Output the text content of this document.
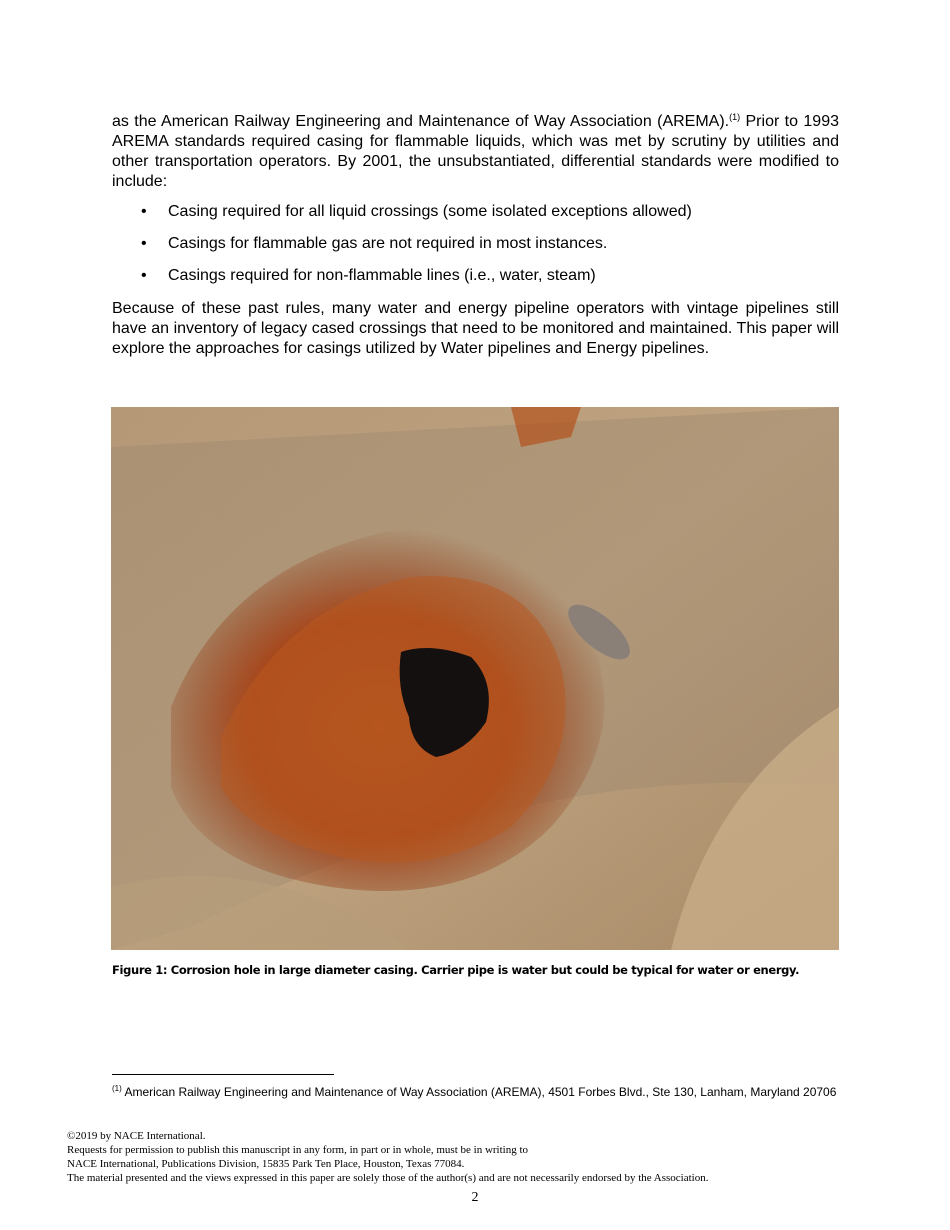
as the American Railway Engineering and Maintenance of Way Association (AREMA).$^{(1)}$ Prior to 1993 AREMA standards required casing for flammable liquids, which was met by scrutiny by utilities and other transportation operators. By 2001, the unsubstantiated, differential standards were modified to include:

• Casing required for all liquid crossings (some isolated exceptions allowed)
• Casings for flammable gas are not required in most instances.
• Casings required for non-flammable lines (i.e., water, steam)

Because of these past rules, many water and energy pipeline operators with vintage pipelines still have an inventory of legacy cased crossings that need to be monitored and maintained. This paper will explore the approaches for casings utilized by Water pipelines and Energy pipelines.

Figure 1: Corrosion hole in large diameter casing. Carrier pipe is water but could be typical for water or energy.
$^{(1)}$ American Railway Engineering and Maintenance of Way Association (AREMA), 4501 Forbes Blvd., Ste 130, Lanham, Maryland 20706
©2019 by NACE International.
Requests for permission to publish this manuscript in any form, in part or in whole, must be in writing to
NACE International, Publications Division, 15835 Park Ten Place, Houston, Texas 77084.
The material presented and the views expressed in this paper are solely those of the author(s) and are not necessarily endorsed by the Association.
2
